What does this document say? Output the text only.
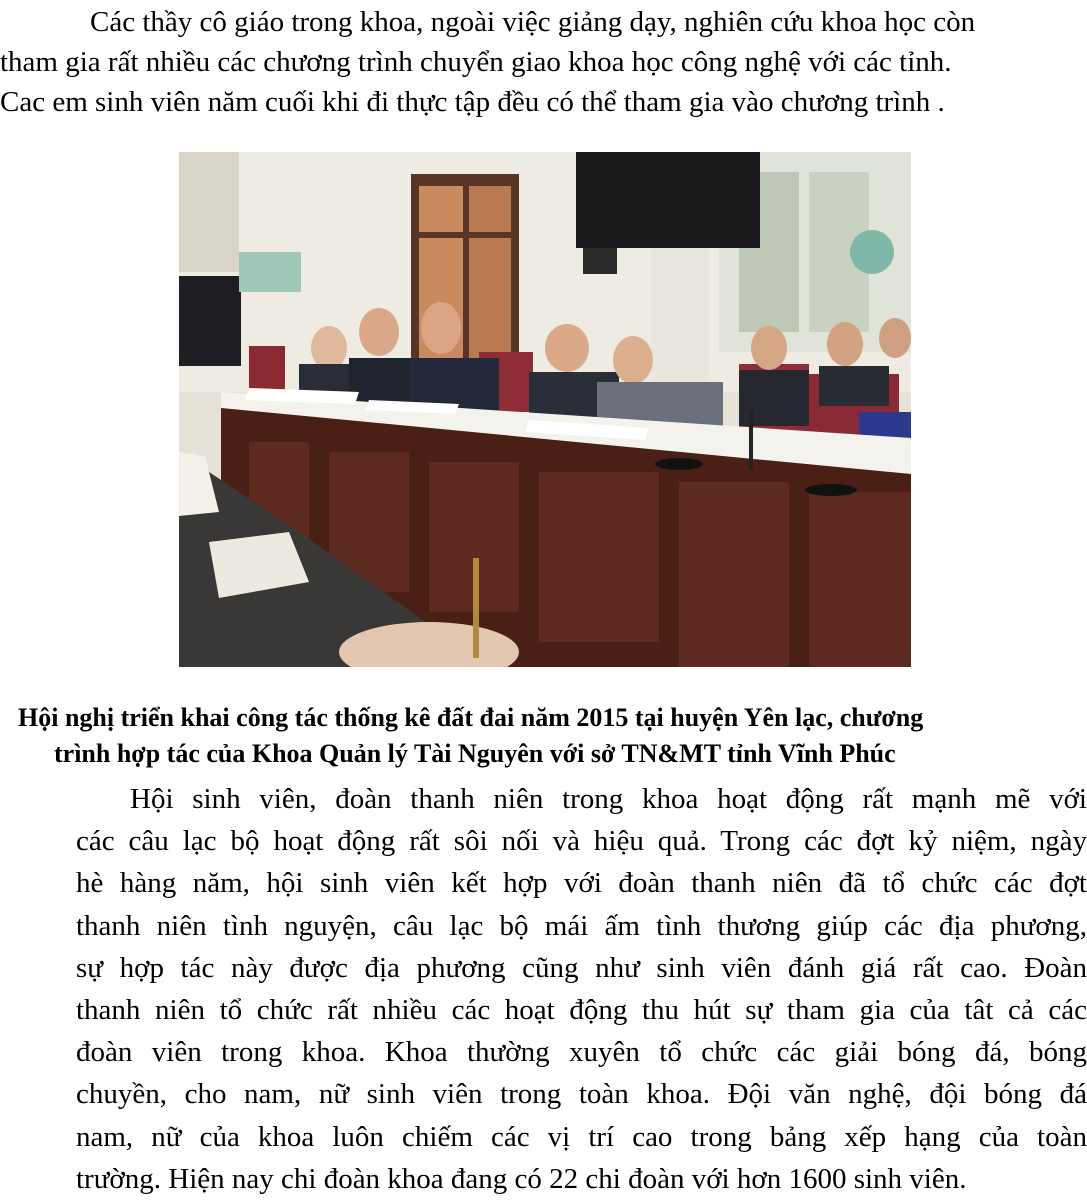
Các thầy cô giáo trong khoa, ngoài việc giảng dạy, nghiên cứu khoa học còn
tham gia rất nhiều các chương trình chuyển giao khoa học công nghệ với các tỉnh.
Cac em sinh viên năm cuối khi đi thực tập đều có thể tham gia vào chương trình .
Hội nghị triển khai công tác thống kê đất đai năm 2015 tại huyện Yên lạc, chương
trình hợp tác của Khoa Quản lý Tài Nguyên với sở TN&MT tỉnh Vĩnh Phúc
Hội sinh viên, đoàn thanh niên trong khoa hoạt động rất mạnh mẽ với
các câu lạc bộ hoạt động rất sôi nối và hiệu quả. Trong các đợt kỷ niệm, ngày
hè hàng năm, hội sinh viên kết hợp với đoàn thanh niên đã tổ chức các đợt
thanh niên tình nguyện, câu lạc bộ mái ấm tình thương giúp các địa phương,
sự hợp tác này được địa phương cũng như sinh viên đánh giá rất cao. Đoàn
thanh niên tổ chức rất nhiều các hoạt động thu hút sự tham gia của tât cả các
đoàn viên trong khoa. Khoa thường xuyên tổ chức các giải bóng đá, bóng
chuyền, cho nam, nữ sinh viên trong toàn khoa. Đội văn nghệ, đội bóng đá
nam, nữ của khoa luôn chiếm các vị trí cao trong bảng xếp hạng của toàn
trường. Hiện nay chi đoàn khoa đang có 22 chi đoàn với hơn 1600 sinh viên.
